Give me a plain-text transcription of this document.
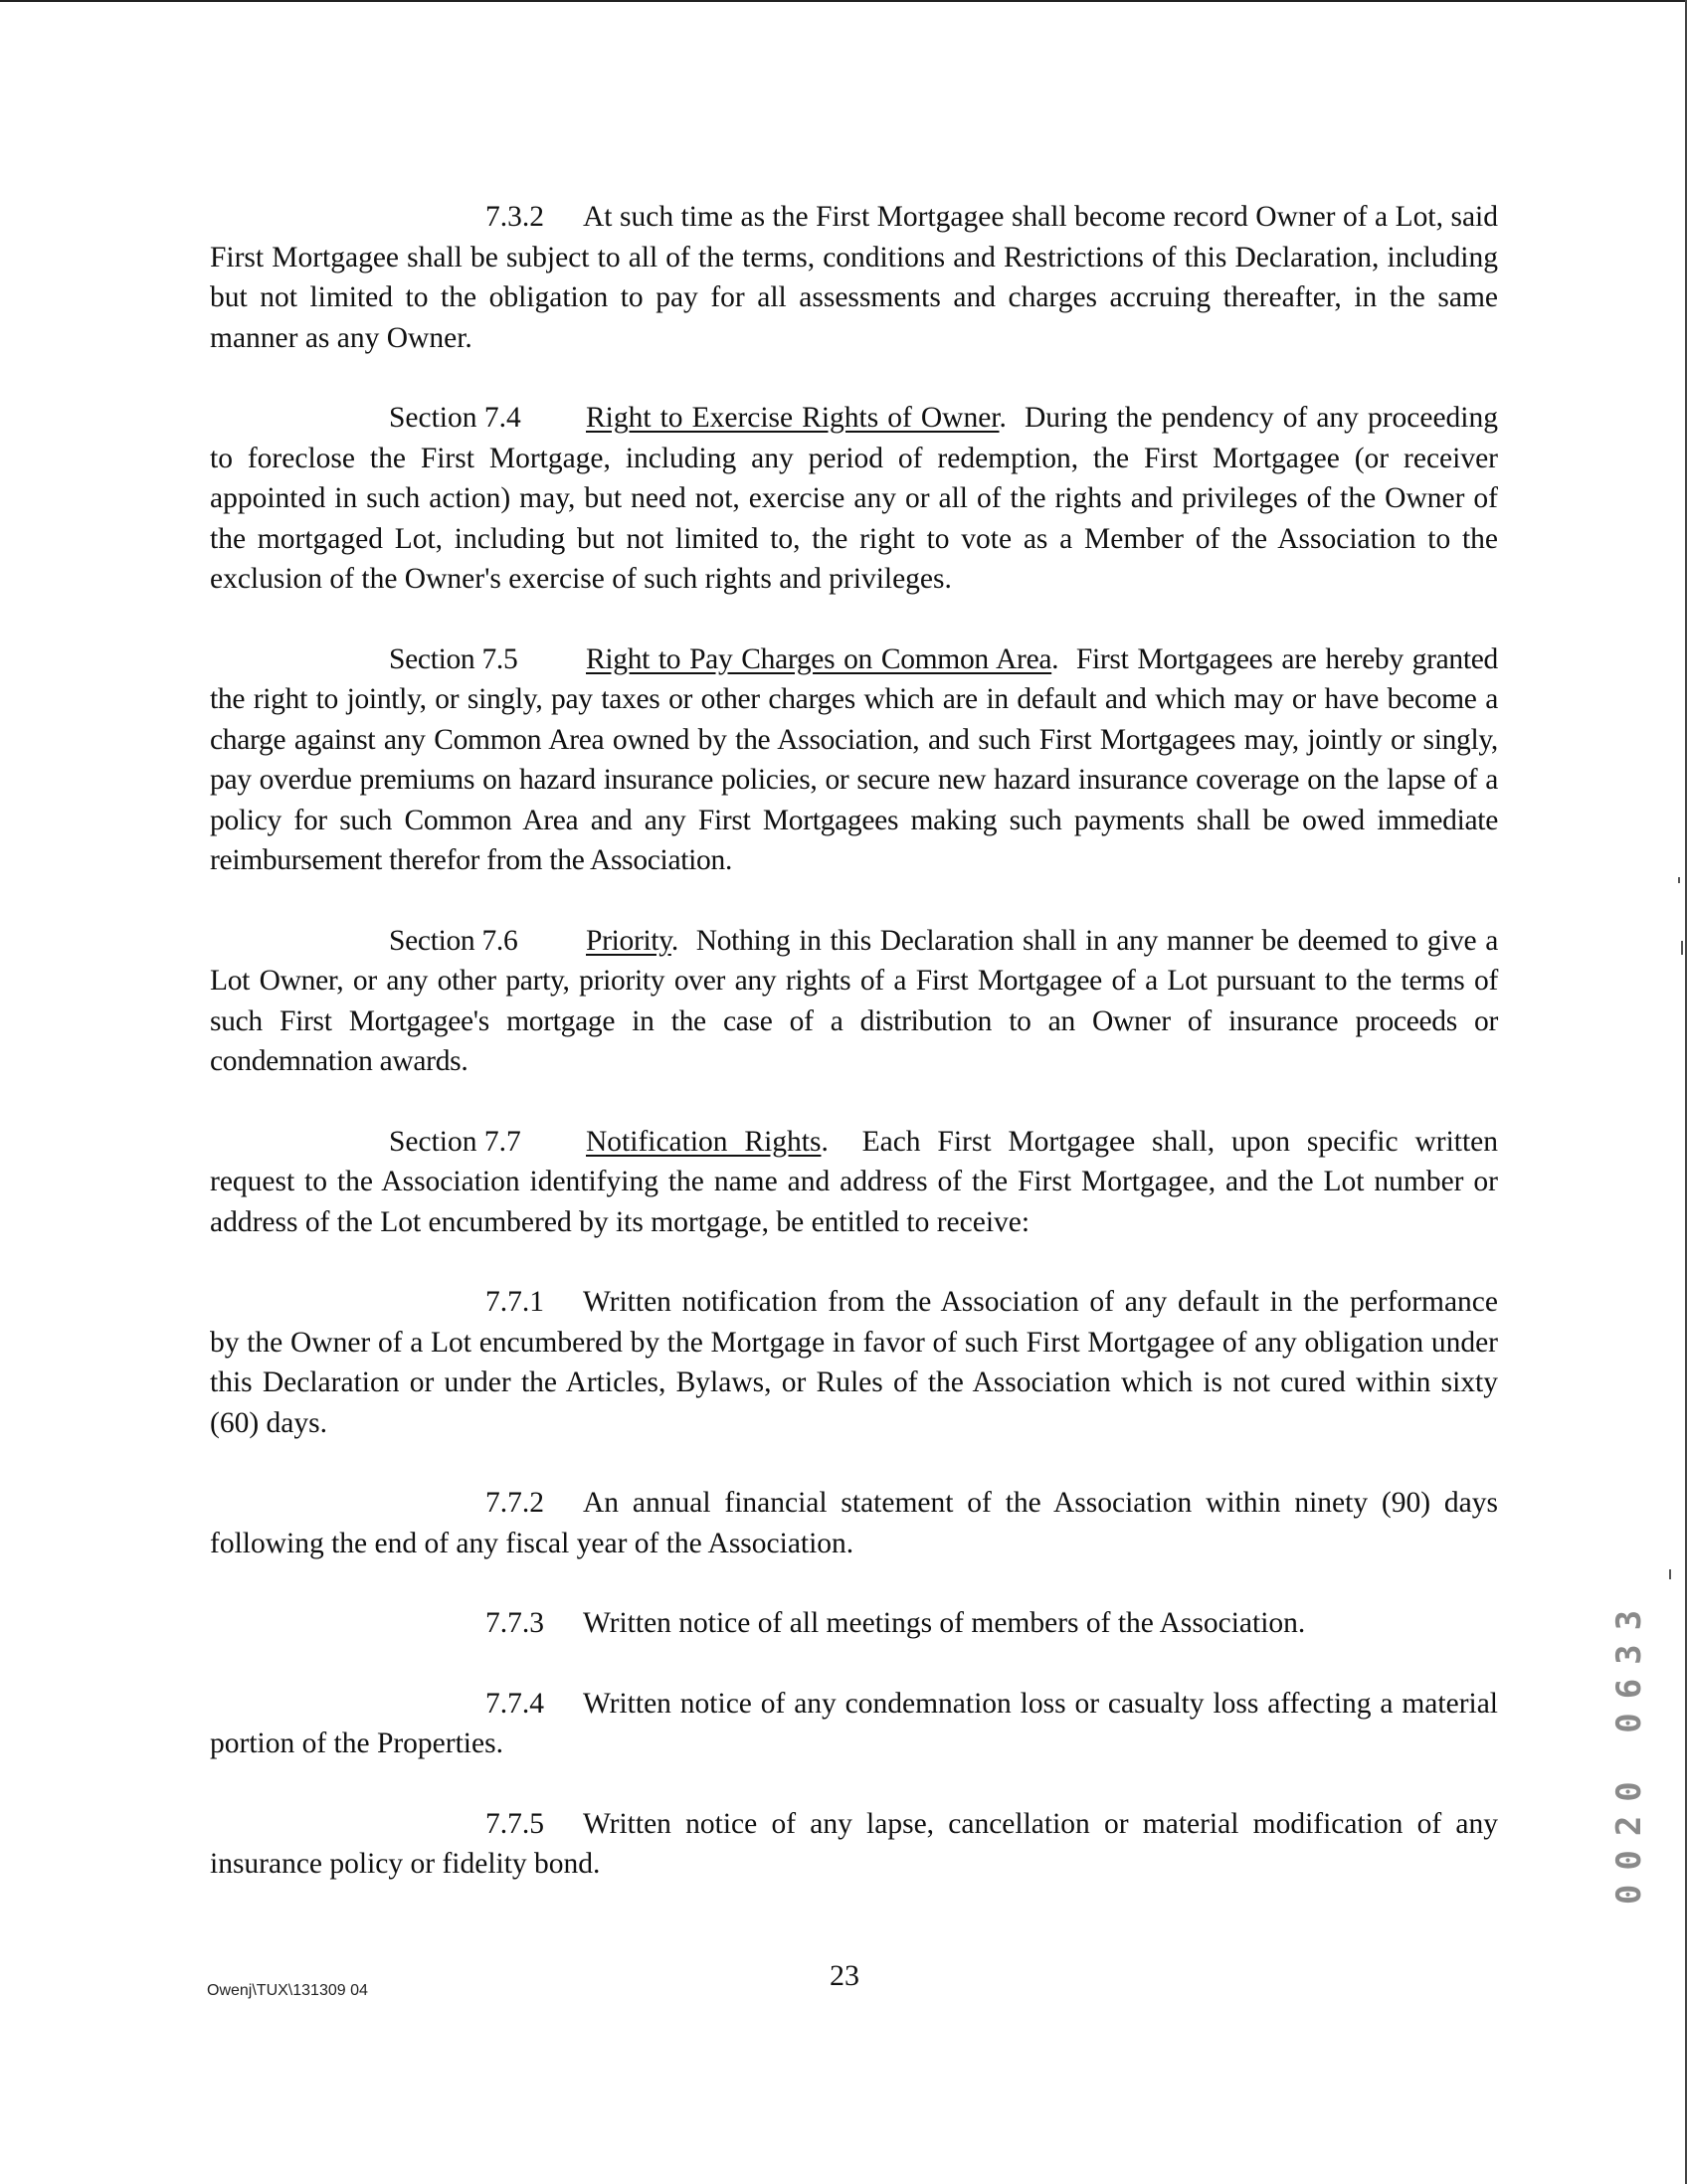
7.3.2 At such time as the First Mortgagee shall become record Owner of a Lot, said First Mortgagee shall be subject to all of the terms, conditions and Restrictions of this Declaration, including but not limited to the obligation to pay for all assessments and charges accruing thereafter, in the same manner as any Owner.

Section 7.4 Right to Exercise Rights of Owner.  During the pendency of any proceeding to foreclose the First Mortgage, including any period of redemption, the First Mortgagee (or receiver appointed in such action) may, but need not, exercise any or all of the rights and privileges of the Owner of the mortgaged Lot, including but not limited to, the right to vote as a Member of the Association to the exclusion of the Owner's exercise of such rights and privileges.

Section 7.5 Right to Pay Charges on Common Area.  First Mortgagees are hereby granted the right to jointly, or singly, pay taxes or other charges which are in default and which may or have become a charge against any Common Area owned by the Association, and such First Mortgagees may, jointly or singly, pay overdue premiums on hazard insurance policies, or secure new hazard insurance coverage on the lapse of a policy for such Common Area and any First Mortgagees making such payments shall be owed immediate reimbursement therefor from the Association.

Section 7.6 Priority.  Nothing in this Declaration shall in any manner be deemed to give a Lot Owner, or any other party, priority over any rights of a First Mortgagee of a Lot pursuant to the terms of such First Mortgagee's mortgage in the case of a distribution to an Owner of insurance proceeds or condemnation awards.

Section 7.7 Notification Rights.  Each First Mortgagee shall, upon specific written request to the Association identifying the name and address of the First Mortgagee, and the Lot number or address of the Lot encumbered by its mortgage, be entitled to receive:

7.7.1 Written notification from the Association of any default in the performance by the Owner of a Lot encumbered by the Mortgage in favor of such First Mortgagee of any obligation under this Declaration or under the Articles, Bylaws, or Rules of the Association which is not cured within sixty (60) days.

7.7.2 An annual financial statement of the Association within ninety (90) days following the end of any fiscal year of the Association.

7.7.3 Written notice of all meetings of members of the Association.

7.7.4 Written notice of any condemnation loss or casualty loss affecting a material portion of the Properties.

7.7.5 Written notice of any lapse, cancellation or material modification of any insurance policy or fidelity bond.

Owenj\TUX\131309 04	23
0020 0633
